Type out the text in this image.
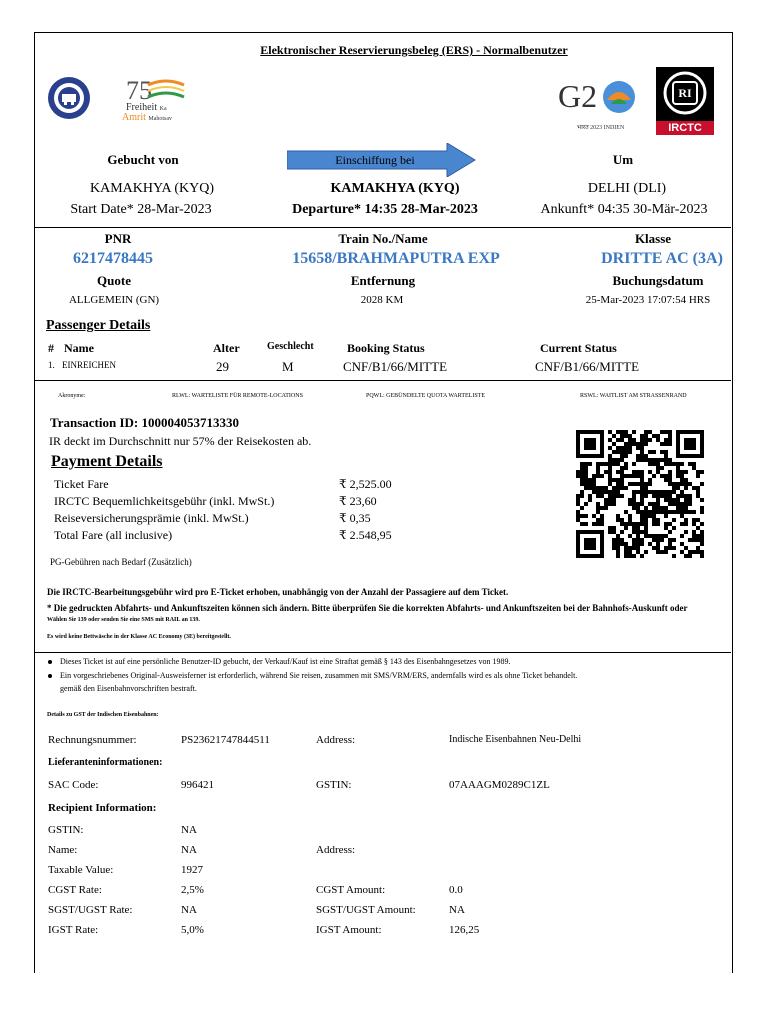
Elektronischer Reservierungsbeleg (ERS) - Normalbenutzer
75
Freiheit Ka
Amrit Mahotsav
G2
भारत 2023 INDIEN
RI
IRCTC
Gebucht von	Einschiffung bei	Um
KAMAKHYA (KYQ)	KAMAKHYA (KYQ)	DELHI (DLI)
Start Date* 28-Mar-2023	Departure* 14:35 28-Mar-2023	Ankunft* 04:35 30-Mär-2023
PNR	Train No./Name	Klasse
6217478445	15658/BRAHMAPUTRA EXP	DRITTE AC (3A)
Quote	Entfernung	Buchungsdatum
ALLGEMEIN (GN)	2028 KM	25-Mar-2023 17:07:54 HRS
Passenger Details
# Name	Alter	Geschlecht	Booking Status	Current Status
1. EINREICHEN	29	M	CNF/B1/66/MITTE	CNF/B1/66/MITTE
Akronyme:	RLWL: WARTELISTE FÜR REMOTE-LOCATIONS	PQWL: GEBÜNDELTE QUOTA WARTELISTE	RSWL: WAITLIST AM STRASSENRAND
Transaction ID: 100004053713330
IR deckt im Durchschnitt nur 57% der Reisekosten ab.
Payment Details
Ticket Fare	₹ 2,525.00
IRCTC Bequemlichkeitsgebühr (inkl. MwSt.)	₹ 23,60
Reiseversicherungsprämie (inkl. MwSt.)	₹ 0,35
Total Fare (all inclusive)	₹ 2.548,95
PG-Gebühren nach Bedarf (Zusätzlich)
Die IRCTC-Bearbeitungsgebühr wird pro E-Ticket erhoben, unabhängig von der Anzahl der Passagiere auf dem Ticket.
* Die gedruckten Abfahrts- und Ankunftszeiten können sich ändern. Bitte überprüfen Sie die korrekten Abfahrts- und Ankunftszeiten bei der Bahnhofs-Auskunft oder
Wählen Sie 139 oder senden Sie eine SMS mit RAIL an 139.
Es wird keine Bettwäsche in der Klasse AC Economy (3E) bereitgestellt.
Dieses Ticket ist auf eine persönliche Benutzer-ID gebucht, der Verkauf/Kauf ist eine Straftat gemäß § 143 des Eisenbahngesetzes von 1989.
Ein vorgeschriebenes Original-Ausweisferner ist erforderlich, während Sie reisen, zusammen mit SMS/VRM/ERS, andernfalls wird es als ohne Ticket behandelt.
gemäß den Eisenbahnvorschriften bestraft.
Details zu GST der Indischen Eisenbahnen:
Rechnungsnummer:	PS23621747844511	Address:	Indische Eisenbahnen Neu-Delhi
Lieferanteninformationen:
SAC Code:	996421	GSTIN:	07AAAGM0289C1ZL
Recipient Information:
GSTIN:	NA
Name:	NA	Address:
Taxable Value:	1927
CGST Rate:	2,5%	CGST Amount:	0.0
SGST/UGST Rate:	NA	SGST/UGST Amount:	NA
IGST Rate:	5,0%	IGST Amount:	126,25
